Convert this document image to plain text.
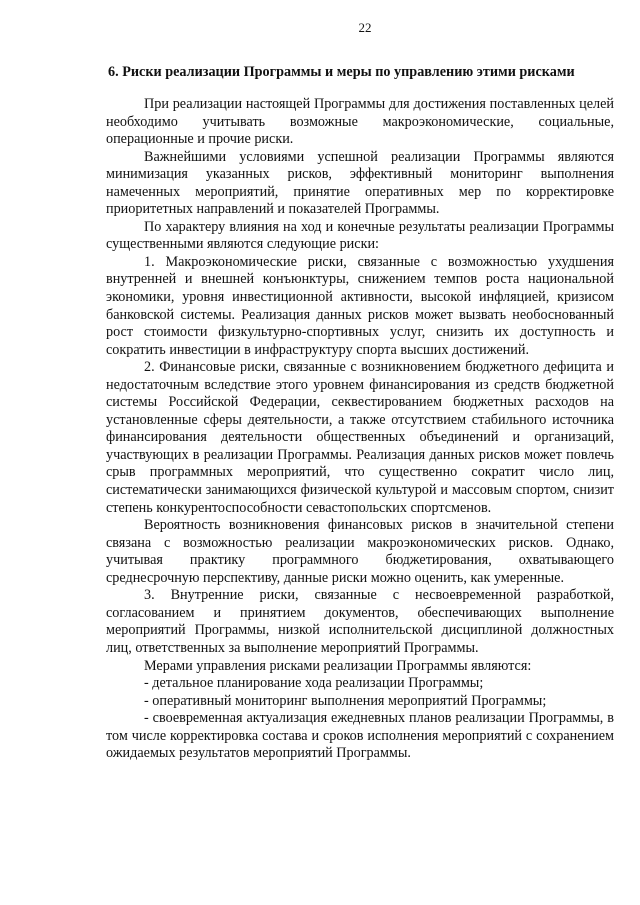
22
6. Риски реализации Программы и меры по управлению этими рисками

При реализации настоящей Программы для достижения поставленных целей необходимо учитывать возможные макроэкономические, социальные, операционные и прочие риски.

Важнейшими условиями успешной реализации Программы являются минимизация указанных рисков, эффективный мониторинг выполнения намеченных мероприятий, принятие оперативных мер по корректировке приоритетных направлений и показателей Программы.

По характеру влияния на ход и конечные результаты реализации Программы существенными являются следующие риски:

1. Макроэкономические риски, связанные с возможностью ухудшения внутренней и внешней конъюнктуры, снижением темпов роста национальной экономики, уровня инвестиционной активности, высокой инфляцией, кризисом банковской системы. Реализация данных рисков может вызвать необоснованный рост стоимости физкультурно-спортивных услуг, снизить их доступность и сократить инвестиции в инфраструктуру спорта высших достижений.

2. Финансовые риски, связанные с возникновением бюджетного дефицита и недостаточным вследствие этого уровнем финансирования из средств бюджетной системы Российской Федерации, секвестированием бюджетных расходов на установленные сферы деятельности, а также отсутствием стабильного источника финансирования деятельности общественных объединений и организаций, участвующих в реализации Программы. Реализация данных рисков может повлечь срыв программных мероприятий, что существенно сократит число лиц, систематически занимающихся физической культурой и массовым спортом, снизит степень конкурентоспособности севастопольских спортсменов.

Вероятность возникновения финансовых рисков в значительной степени связана с возможностью реализации макроэкономических рисков. Однако, учитывая практику программного бюджетирования, охватывающего среднесрочную перспективу, данные риски можно оценить, как умеренные.

3. Внутренние риски, связанные с несвоевременной разработкой, согласованием и принятием документов, обеспечивающих выполнение мероприятий Программы, низкой исполнительской дисциплиной должностных лиц, ответственных за выполнение мероприятий Программы.

Мерами управления рисками реализации Программы являются:

- детальное планирование хода реализации Программы;

- оперативный мониторинг выполнения мероприятий Программы;

- своевременная актуализация ежедневных планов реализации Программы, в том числе корректировка состава и сроков исполнения мероприятий с сохранением ожидаемых результатов мероприятий Программы.
